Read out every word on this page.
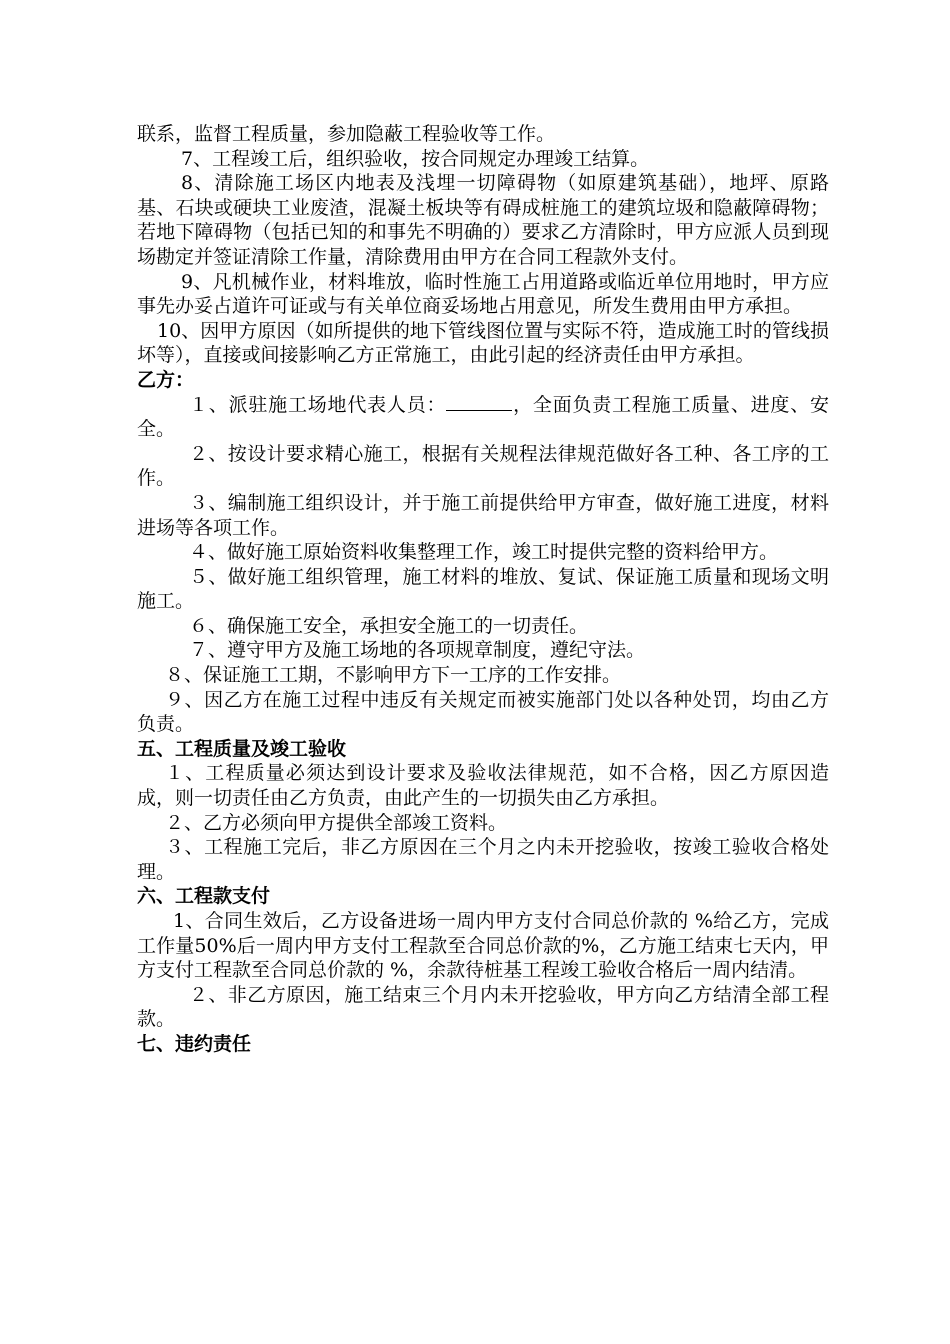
联系，监督工程质量，参加隐蔽工程验收等工作。

7、工程竣工后，组织验收，按合同规定办理竣工结算。

8、清除施工场区内地表及浅埋一切障碍物（如原建筑基础），地坪、原路基、石块或硬块工业废渣，混凝土板块等有碍成桩施工的建筑垃圾和隐蔽障碍物；若地下障碍物（包括已知的和事先不明确的）要求乙方清除时，甲方应派人员到现场勘定并签证清除工作量，清除费用由甲方在合同工程款外支付。

9、凡机械作业，材料堆放，临时性施工占用道路或临近单位用地时，甲方应事先办妥占道许可证或与有关单位商妥场地占用意见，所发生费用由甲方承担。

10、因甲方原因（如所提供的地下管线图位置与实际不符，造成施工时的管线损坏等），直接或间接影响乙方正常施工，由此引起的经济责任由甲方承担。

乙方：

１、派驻施工场地代表人员：	，全面负责工程施工质量、进度、安全。

２、按设计要求精心施工，根据有关规程法律规范做好各工种、各工序的工作。

３、编制施工组织设计，并于施工前提供给甲方审查，做好施工进度，材料进场等各项工作。

４、做好施工原始资料收集整理工作，竣工时提供完整的资料给甲方。

５、做好施工组织管理，施工材料的堆放、复试、保证施工质量和现场文明施工。

６、确保施工安全，承担安全施工的一切责任。

７、遵守甲方及施工场地的各项规章制度，遵纪守法。

８、保证施工工期，不影响甲方下一工序的工作安排。

９、因乙方在施工过程中违反有关规定而被实施部门处以各种处罚，均由乙方负责。

五、工程质量及竣工验收

１、工程质量必须达到设计要求及验收法律规范，如不合格，因乙方原因造成，则一切责任由乙方负责，由此产生的一切损失由乙方承担。

２、乙方必须向甲方提供全部竣工资料。

３、工程施工完后，非乙方原因在三个月之内未开挖验收，按竣工验收合格处理。

六、工程款支付

1、合同生效后，乙方设备进场一周内甲方支付合同总价款的 %给乙方，完成工作量50%后一周内甲方支付工程款至合同总价款的%，乙方施工结束七天内，甲方支付工程款至合同总价款的 %，余款待桩基工程竣工验收合格后一周内结清。

２、非乙方原因，施工结束三个月内未开挖验收，甲方向乙方结清全部工程款。

七、违约责任
